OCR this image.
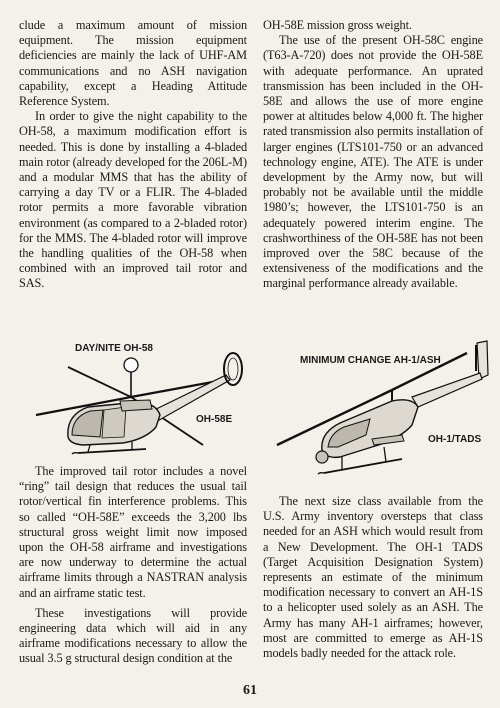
clude a maximum amount of mission equipment. The mission equipment deficiencies are mainly the lack of UHF-AM communications and no ASH navigation capability, except a Heading Attitude Reference System.

In order to give the night capability to the OH-58, a maximum modification effort is needed. This is done by installing a 4-bladed main rotor (already developed for the 206L-M) and a modular MMS that has the ability of carrying a day TV or a FLIR. The 4-bladed rotor permits a more favorable vibration environment (as compared to a 2-bladed rotor) for the MMS. The 4-bladed rotor will improve the handling qualities of the OH-58 when combined with an improved tail rotor and SAS.

DAY/NITE OH-58
OH-58E

The improved tail rotor includes a novel “ring” tail design that reduces the usual tail rotor/vertical fin interference problems. This so called “OH-58E” exceeds the 3,200 lbs structural gross weight limit now imposed upon the OH-58 airframe and investigations are now underway to determine the actual airframe limits through a NASTRAN analysis and an airframe static test.

These investigations will provide engineering data which will aid in any airframe modifications necessary to allow the usual 3.5 g structural design condition at the

OH-58E mission gross weight.

The use of the present OH-58C engine (T63-A-720) does not provide the OH-58E with adequate performance. An uprated transmission has been included in the OH-58E and allows the use of more engine power at altitudes below 4,000 ft. The higher rated transmission also permits installation of larger engines (LTS101-750 or an advanced technology engine, ATE). The ATE is under development by the Army now, but will probably not be available until the middle 1980’s; however, the LTS101-750 is an adequately powered interim engine. The crashworthiness of the OH-58E has not been improved over the 58C because of the extensiveness of the modifications and the marginal performance already available.

MINIMUM CHANGE AH-1/ASH
OH-1/TADS

The next size class available from the U.S. Army inventory oversteps that class needed for an ASH which would result from a New Development. The OH-1 TADS (Target Acquisition Designation System) represents an estimate of the minimum modification necessary to convert an AH-1S to a helicopter used solely as an ASH. The Army has many AH-1 airframes; however, most are committed to emerge as AH-1S models badly needed for the attack role.

61
